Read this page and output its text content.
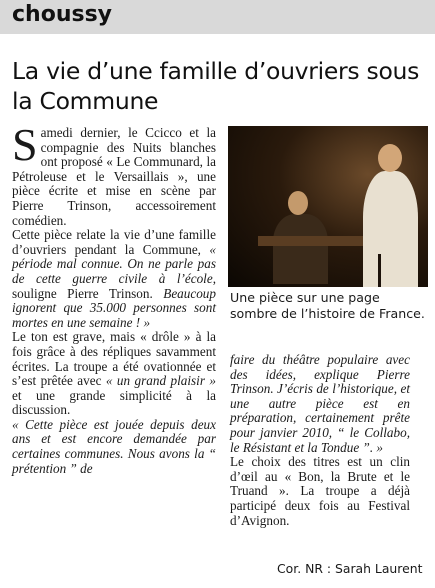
choussy
La vie d’une famille d’ouvriers sous la Commune

Samedi dernier, le Ccicco et la compagnie des Nuits blanches ont proposé « Le Communard, la Pétroleuse et le Versaillais », une pièce écrite et mise en scène par Pierre Trinson, accessoirement comédien.

Cette pièce relate la vie d’une famille d’ouvriers pendant la Commune, « période mal connue. On ne parle pas de cette guerre civile à l’école, souligne Pierre Trinson. Beaucoup ignorent que 35.000 personnes sont mortes en une semaine ! »

Le ton est grave, mais « drôle » à la fois grâce à des répliques savamment écrites. La troupe a été ovationnée et s’est prêtée avec « un grand plaisir » et une grande simplicité à la discussion.

« Cette pièce est jouée depuis deux ans et est encore demandée par certaines communes. Nous avons la “ prétention ” de

Une pièce sur une page sombre de l’histoire de France.

faire du théâtre populaire avec des idées, explique Pierre Trinson. J’écris de l’historique, et une autre pièce est en préparation, certainement prête pour janvier 2010, “ le Collabo, le Résistant et la Tondue ”. »

Le choix des titres est un clin d’œil au « Bon, la Brute et le Truand ». La troupe a déjà participé deux fois au Festival d’Avignon.

Cor. NR : Sarah Laurent
